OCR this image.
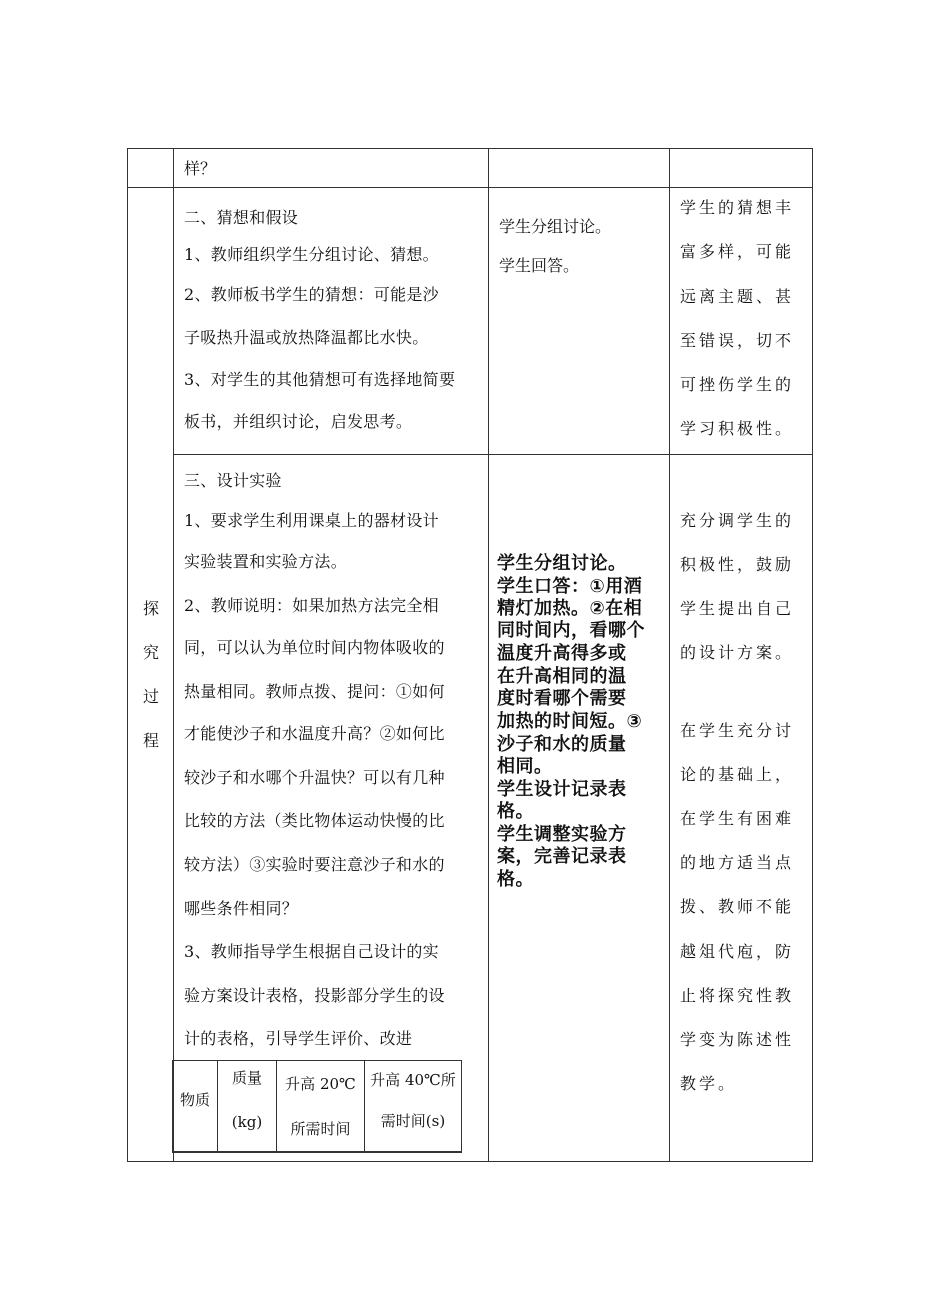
样？
二、猜想和假设
1、教师组织学生分组讨论、猜想。
2、教师板书学生的猜想：可能是沙
子吸热升温或放热降温都比水快。
3、对学生的其他猜想可有选择地简要
板书，并组织讨论，启发思考。
学生分组讨论。
学生回答。
学生的猜想丰
富多样，可能
远离主题、甚
至错误，切不
可挫伤学生的
学习积极性。
探
究
过
程
三、设计实验
1、要求学生利用课桌上的器材设计
实验装置和实验方法。
2、教师说明：如果加热方法完全相
同，可以认为单位时间内物体吸收的
热量相同。教师点拨、提问：①如何
才能使沙子和水温度升高？②如何比
较沙子和水哪个升温快？可以有几种
比较的方法（类比物体运动快慢的比
较方法）③实验时要注意沙子和水的
哪些条件相同？
3、教师指导学生根据自己设计的实
验方案设计表格，投影部分学生的设
计的表格，引导学生评价、改进
学生分组讨论。
学生口答：①用酒
精灯加热。②在相
同时间内，看哪个
温度升高得多或
在升高相同的温
度时看哪个需要
加热的时间短。③
沙子和水的质量
相同。
学生设计记录表
格。
学生调整实验方
案，完善记录表
格。
充分调学生的
积极性，鼓励
学生提出自己
的设计方案。
在学生充分讨
论的基础上，
在学生有困难
的地方适当点
拨、教师不能
越俎代庖，防
止将探究性教
学变为陈述性
教学。
物质
质量
(kg)
升高 20℃
所需时间
升高 40℃所
需时间(s)
